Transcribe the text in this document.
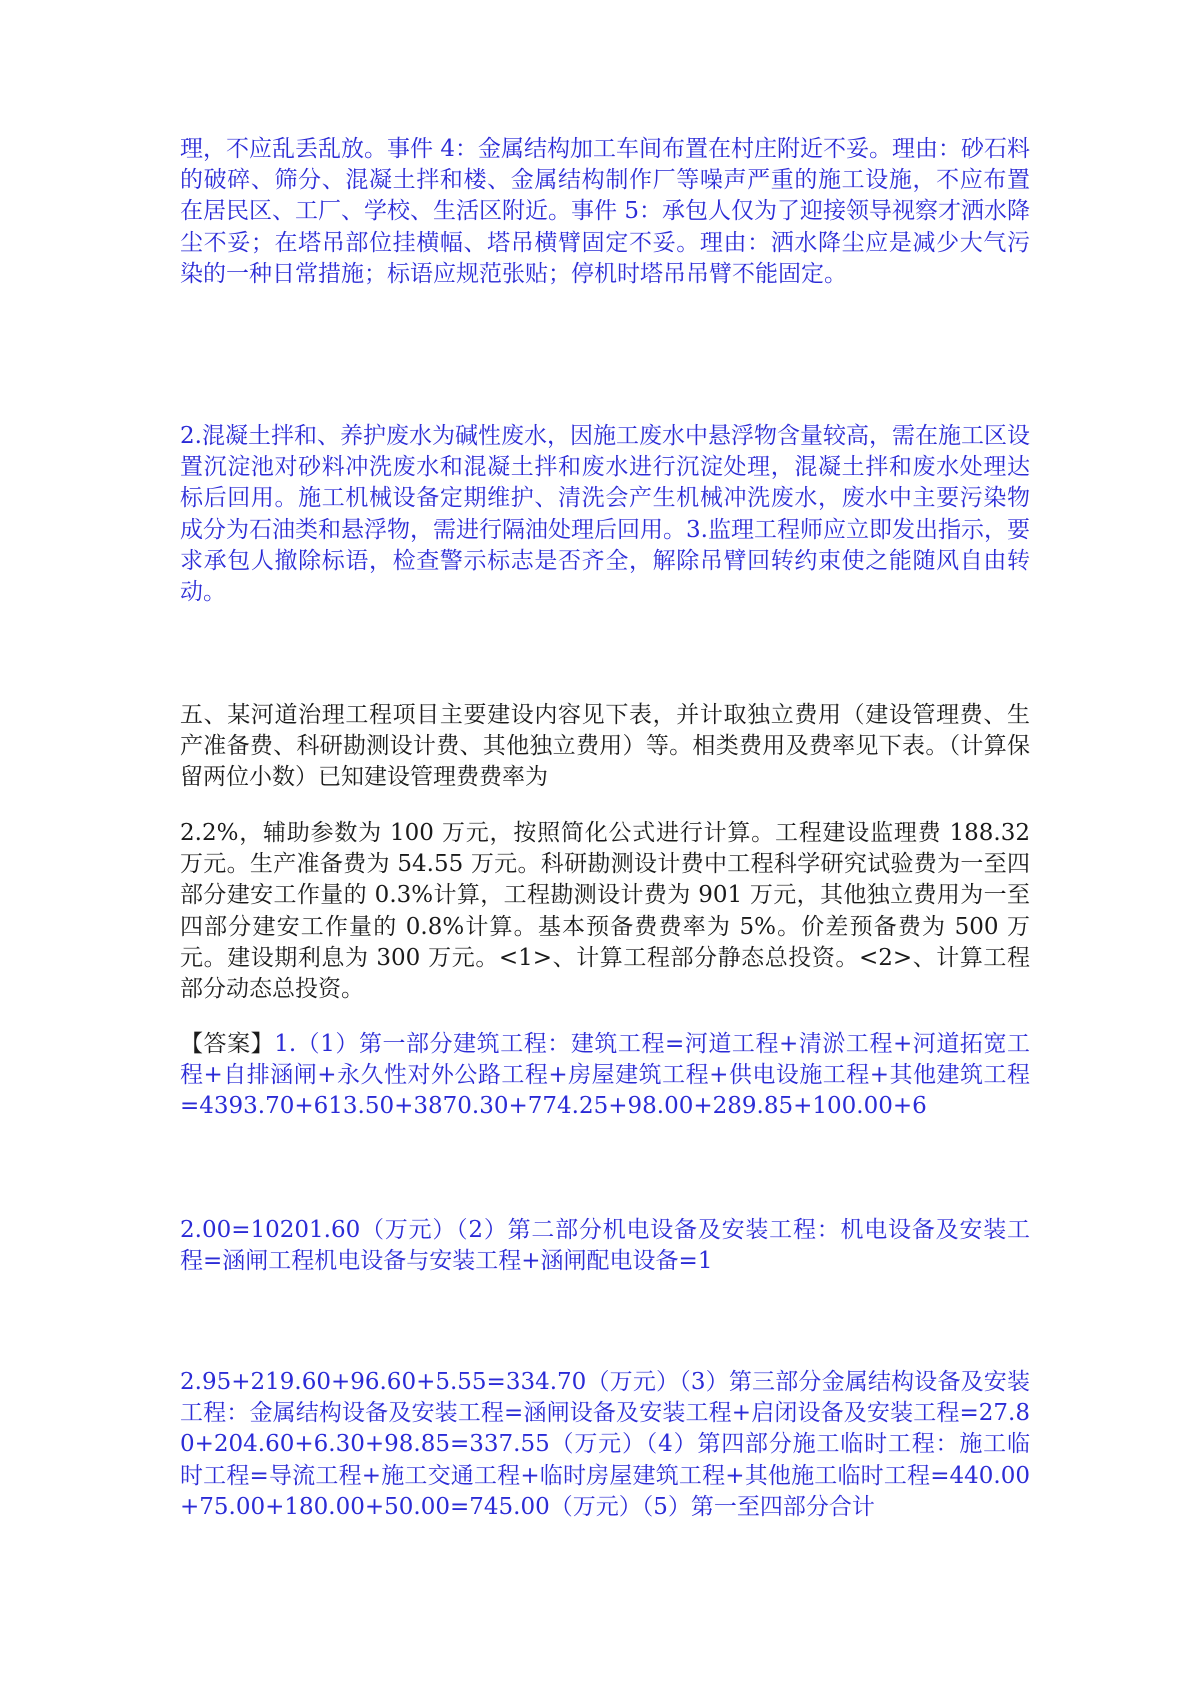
理，不应乱丢乱放。事件 4：金属结构加工车间布置在村庄附近不妥。理由：砂石料的破碎、筛分、混凝土拌和楼、金属结构制作厂等噪声严重的施工设施，不应布置在居民区、工厂、学校、生活区附近。事件 5：承包人仅为了迎接领导视察才洒水降尘不妥；在塔吊部位挂横幅、塔吊横臂固定不妥。理由：洒水降尘应是减少大气污染的一种日常措施；标语应规范张贴；停机时塔吊吊臂不能固定。

2.混凝土拌和、养护废水为碱性废水，因施工废水中悬浮物含量较高，需在施工区设置沉淀池对砂料冲洗废水和混凝土拌和废水进行沉淀处理，混凝土拌和废水处理达标后回用。施工机械设备定期维护、清洗会产生机械冲洗废水，废水中主要污染物成分为石油类和悬浮物，需进行隔油处理后回用。3.监理工程师应立即发出指示，要求承包人撤除标语，检查警示标志是否齐全，解除吊臂回转约束使之能随风自由转动。

五、某河道治理工程项目主要建设内容见下表，并计取独立费用（建设管理费、生产准备费、科研勘测设计费、其他独立费用）等。相类费用及费率见下表。（计算保留两位小数）已知建设管理费费率为

2.2%，辅助参数为 100 万元，按照简化公式进行计算。工程建设监理费 188.32 万元。生产准备费为 54.55 万元。科研勘测设计费中工程科学研究试验费为一至四部分建安工作量的 0.3%计算，工程勘测设计费为 901 万元，其他独立费用为一至四部分建安工作量的 0.8%计算。基本预备费费率为 5%。价差预备费为 500 万元。建设期利息为 300 万元。<1>、计算工程部分静态总投资。<2>、计算工程部分动态总投资。

【答案】1.（1）第一部分建筑工程：建筑工程=河道工程+清淤工程+河道拓宽工程+自排涵闸+永久性对外公路工程+房屋建筑工程+供电设施工程+其他建筑工程=4393.70+613.50+3870.30+774.25+98.00+289.85+100.00+6

2.00=10201.60（万元）（2）第二部分机电设备及安装工程：机电设备及安装工程=涵闸工程机电设备与安装工程+涵闸配电设备=1

2.95+219.60+96.60+5.55=334.70（万元）（3）第三部分金属结构设备及安装工程：金属结构设备及安装工程=涵闸设备及安装工程+启闭设备及安装工程=27.80+204.60+6.30+98.85=337.55（万元）（4）第四部分施工临时工程：施工临时工程=导流工程+施工交通工程+临时房屋建筑工程+其他施工临时工程=440.00+75.00+180.00+50.00=745.00（万元）（5）第一至四部分合计
